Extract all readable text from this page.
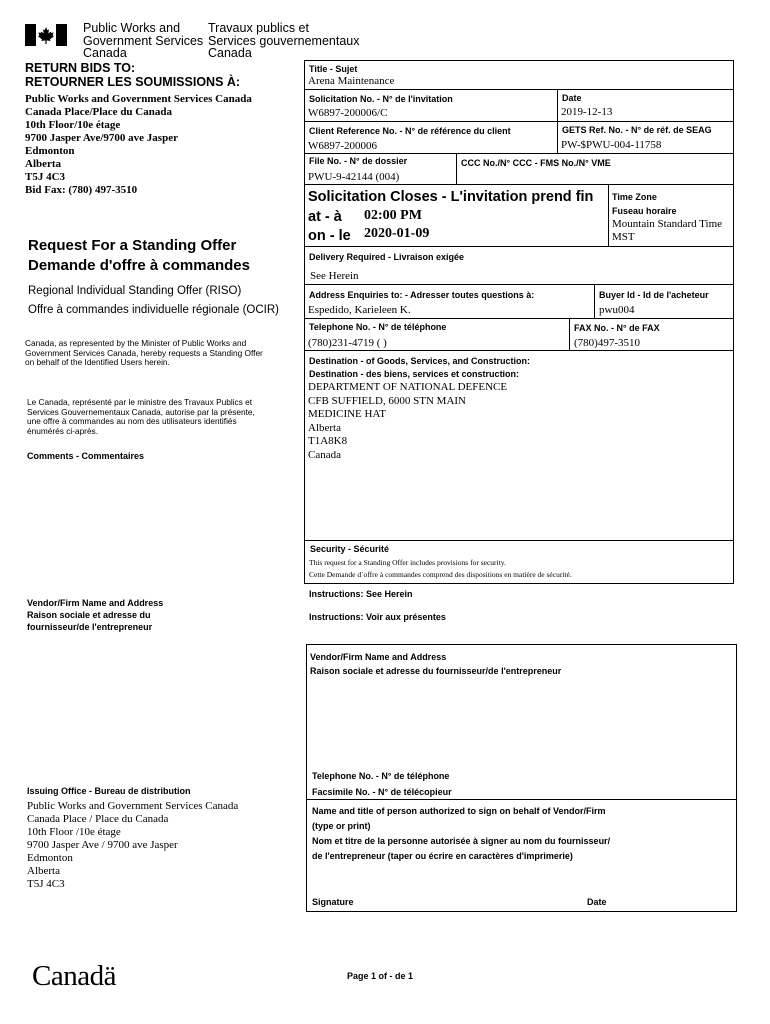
Public Works and
Government Services
Canada
Travaux publics et
Services gouvernementaux
Canada
RETURN BIDS TO:
RETOURNER LES SOUMISSIONS À:
Public Works and Government Services Canada
Canada Place/Place du Canada
10th Floor/10e étage
9700 Jasper Ave/9700 ave Jasper
Edmonton
Alberta
T5J 4C3
Bid Fax: (780) 497-3510
Request For a Standing Offer
Demande d'offre à commandes
Regional Individual Standing Offer (RISO)
Offre à commandes individuelle régionale (OCIR)
Canada, as represented by the Minister of Public Works and
Government Services Canada, hereby requests a Standing Offer
on behalf of the Identified Users herein.
Le Canada, représenté par le ministre des Travaux Publics et
Services Gouvernementaux Canada, autorise par la présente,
une offre à commandes au nom des utilisateurs identifiés
énumérés ci-après.
Comments - Commentaires
Vendor/Firm Name and Address
Raison sociale et adresse du
fournisseur/de l'entrepreneur
Issuing Office - Bureau de distribution
Public Works and Government Services Canada
Canada Place / Place du Canada
10th Floor /10e étage
9700 Jasper Ave / 9700 ave Jasper
Edmonton
Alberta
T5J 4C3
Title - Sujet
Arena Maintenance
Solicitation No. - N° de l'invitation
W6897-200006/C
Date
2019-12-13
Client Reference No. - N° de référence du client
W6897-200006
GETS Ref. No. - N° de réf. de SEAG
PW-$PWU-004-11758
File No. - N° de dossier
PWU-9-42144 (004)
CCC No./N° CCC - FMS No./N° VME
Solicitation Closes - L'invitation prend fin
at - à 02:00 PM
on - le 2020-01-09
Time Zone
Fuseau horaire
Mountain Standard Time
MST
Delivery Required - Livraison exigée
See Herein
Address Enquiries to: - Adresser toutes questions à:
Espedido, Karieleen K.
Buyer Id - Id de l'acheteur
pwu004
Telephone No. - N° de téléphone
(780)231-4719 ( )
FAX No. - N° de FAX
(780)497-3510
Destination - of Goods, Services, and Construction:
Destination - des biens, services et construction:
DEPARTMENT OF NATIONAL DEFENCE
CFB SUFFIELD, 6000 STN MAIN
MEDICINE HAT
Alberta
T1A8K8
Canada
Security - Sécurité
This request for a Standing Offer includes provisions for security.
Cette Demande d`offre à commandes comprend des dispositions en matière de sécurité.
Instructions: See Herein
Instructions: Voir aux présentes
Vendor/Firm Name and Address
Raison sociale et adresse du fournisseur/de l'entrepreneur
Telephone No. - N° de téléphone
Facsimile No. - N° de télécopieur
Name and title of person authorized to sign on behalf of Vendor/Firm
(type or print)
Nom et titre de la personne autorisée à signer au nom du fournisseur/
de l'entrepreneur (taper ou écrire en caractères d'imprimerie)
Signature	Date
Canadä	Page 1 of - de 1
